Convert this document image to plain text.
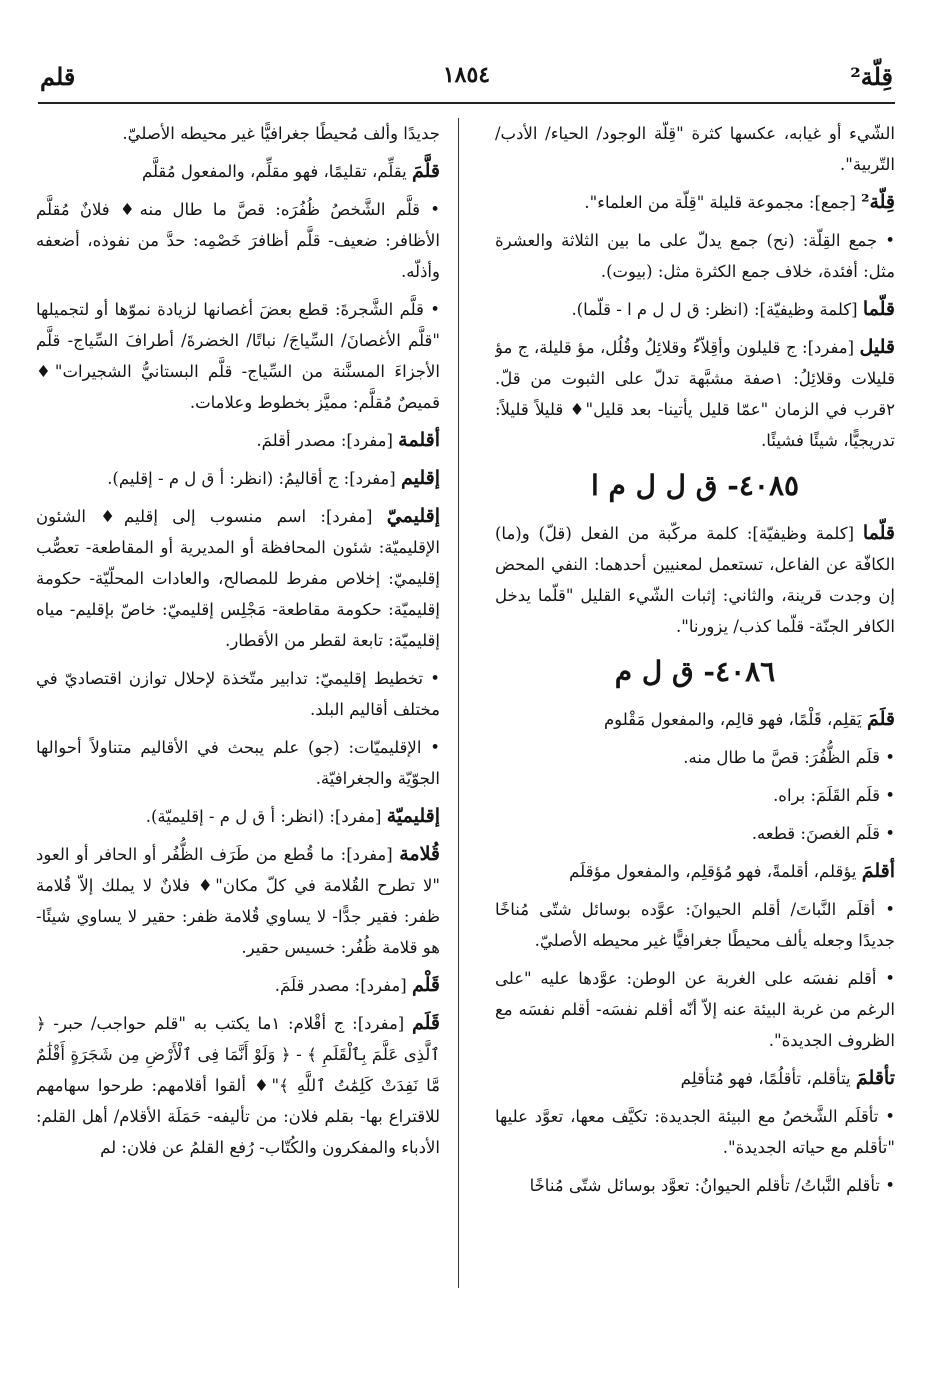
قِلّة²
١٨٥٤
قلم

الشّيء أو غيابه، عكسها كثرة "قِلّة الوجود/ الحياء/ الأدب/ التّربية".

قِلّة² [جمع]: مجموعة قليلة "قِلّة من العلماء".

• جمع القِلّة: (نح) جمع يدلّ على ما بين الثلاثة والعشرة مثل: أفئدة، خلاف جمع الكثرة مثل: (بيوت).

قلّما [كلمة وظيفيّة]: (انظر: ق ل ل م ا - قلّما).

قليل [مفرد]: ج قليلون وأقِلاّءُ وقلائِلُ وقُلُل، مؤ قليلة، ج مؤ قليلات وقلائِلُ: ١صفة مشبَّهة تدلّ على الثبوت من قلّ. ٢قرب في الزمان "عمّا قليل يأتينا- بعد قليل"♦ قليلاً قليلاً: تدريجيًّا، شيئًا فشيئًا.

٤٠٨٥- ق ل ل م ا

قلّما [كلمة وظيفيّة]: كلمة مركّبة من الفعل (قلّ) و(ما) الكافّة عن الفاعل، تستعمل لمعنيين أحدهما: النفي المحض إن وجدت قرينة، والثاني: إثبات الشّيء القليل "قلّما يدخل الكافر الجنّة- قلّما كذب/ يزورنا".

٤٠٨٦- ق ل م

قلَمَ يَقلِم، قَلْمًا، فهو قالِم، والمفعول مَقْلوم

• قلَم الظُّفُرَ: قصَّ ما طال منه.

• قلَم القَلَمَ: براه.

• قلَم الغصنَ: قطعه.

أقلمَ يؤقلم، أقلمةً، فهو مُؤقلِم، والمفعول مؤقلَم

• أقلَم النَّباتَ/ أقلم الحيوانَ: عوَّده بوسائل شتّى مُناخًا جديدًا وجعله يألف محيطًا جغرافيًّا غير محيطه الأصليّ.

• أقلم نفسَه على الغربة عن الوطن: عوَّدها عليه "على الرغم من غربة البيئة عنه إلاّ أنّه أقلم نفسَه- أقلم نفسَه مع الظروف الجديدة".

تأقلمَ يتأقلم، تأقلُمًا، فهو مُتأقلِم

• تأقلَم الشَّخصُ مع البيئة الجديدة: تكيَّف معها، تعوَّد عليها "تأقلم مع حياته الجديدة".

• تأقلم النَّباتُ/ تأقلم الحيوانُ: تعوَّد بوسائل شتّى مُناخًا

جديدًا وألف مُحيطًا جغرافيًّا غير محيطه الأصليّ.

قلَّمَ يقلِّم، تقليمًا، فهو مقلِّم، والمفعول مُقلَّم

• قلَّم الشَّخصُ ظُفُرَه: قصَّ ما طال منه♦ فلانٌ مُقلَّم الأظافر: ضعيف- قلَّم أظافرَ خَصْمِه: حدَّ من نفوذه، أضعفه وأذلّه.

• قلَّم الشَّجرةَ: قطع بعضَ أغصانها لزيادة نموّها أو لتجميلها "قلَّم الأغصانَ/ السِّياجَ/ نباتًا/ الخضرةَ/ أطرافَ السِّياج- قلَّم الأجزاءَ المسنَّنة من السِّياج- قلَّم البستانيُّ الشجيرات"♦ قميصٌ مُقلَّم: مميَّز بخطوط وعلامات.

أقلمة [مفرد]: مصدر أقلمَ.

إقليم [مفرد]: ج أقاليمُ: (انظر: أ ق ل م - إقليم).

إقليميّ [مفرد]: اسم منسوب إلى إقليم♦ الشئون الإقليميّة: شئون المحافظة أو المديرية أو المقاطعة- تعصُّب إقليميّ: إخلاص مفرط للمصالح، والعادات المحلّيّة- حكومة إقليميّة: حكومة مقاطعة- مَجْلِس إقليميّ: خاصّ بإقليم- مياه إقليميّة: تابعة لقطر من الأقطار.

• تخطيط إقليميّ: تدابير متّخذة لإحلال توازن اقتصاديّ في مختلف أقاليم البلد.

• الإقليميّات: (جو) علم يبحث في الأقاليم متناولاً أحوالها الجوّيّة والجغرافيّة.

إقليميّة [مفرد]: (انظر: أ ق ل م - إقليميّة).

قُلامة [مفرد]: ما قُطع من طَرَف الظُّفُر أو الحافر أو العود "لا تطرح القُلامة في كلّ مكان"♦ فلانٌ لا يملك إلاّ قُلامة ظفر: فقير جدًّا- لا يساوي قُلامة ظفر: حقير لا يساوي شيئًا- هو قلامة ظُفُر: خسيس حقير.

قَلْم [مفرد]: مصدر قلَمَ.

قَلَم [مفرد]: ج أقْلام: ١ما يكتب به "قلم حواجب/ حبر- ﴿ ٱلَّذِى عَلَّمَ بِٱلْقَلَمِ ﴾ - ﴿ وَلَوْ أَنَّمَا فِى ٱلْأَرْضِ مِن شَجَرَةٍ أَقْلَٰمٌ مَّا نَفِدَتْ كَلِمَٰتُ ٱللَّهِ ﴾"♦ ألقوا أقلامهم: طرحوا سهامهم للاقتراع بها- بقلم فلان: من تأليفه- حَمَلَة الأقلام/ أهل القلم: الأدباء والمفكرون والكُتّاب- رُفع القلمُ عن فلان: لم
